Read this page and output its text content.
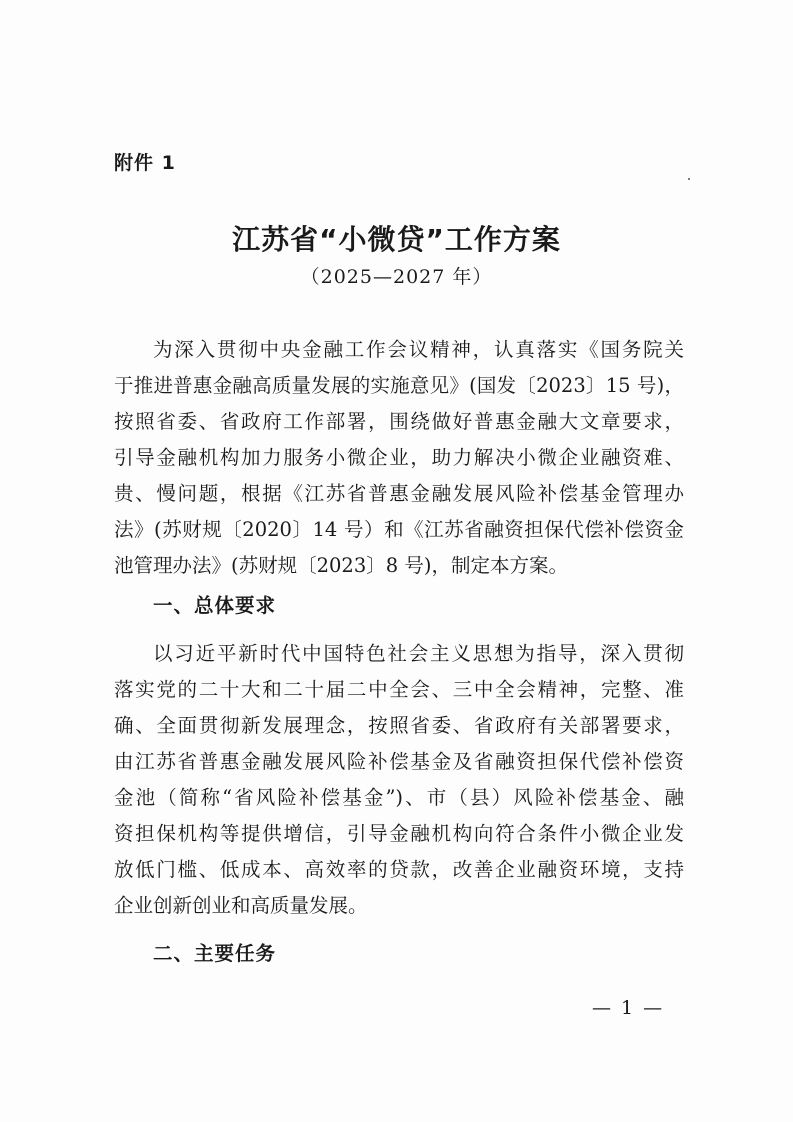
附件 1
江苏省“小微贷”工作方案
（2025—2027 年）
为深入贯彻中央金融工作会议精神，认真落实《国务院关
于推进普惠金融高质量发展的实施意见》(国发〔2023〕15 号)，
按照省委、省政府工作部署，围绕做好普惠金融大文章要求，
引导金融机构加力服务小微企业，助力解决小微企业融资难、
贵、慢问题，根据《江苏省普惠金融发展风险补偿基金管理办
法》(苏财规〔2020〕14 号）和《江苏省融资担保代偿补偿资金
池管理办法》(苏财规〔2023〕8 号)，制定本方案。
一、总体要求
以习近平新时代中国特色社会主义思想为指导，深入贯彻
落实党的二十大和二十届二中全会、三中全会精神，完整、准
确、全面贯彻新发展理念，按照省委、省政府有关部署要求，
由江苏省普惠金融发展风险补偿基金及省融资担保代偿补偿资
金池（简称“省风险补偿基金”)、市（县）风险补偿基金、融
资担保机构等提供增信，引导金融机构向符合条件小微企业发
放低门槛、低成本、高效率的贷款，改善企业融资环境，支持
企业创新创业和高质量发展。
二、主要任务
— 1 —
